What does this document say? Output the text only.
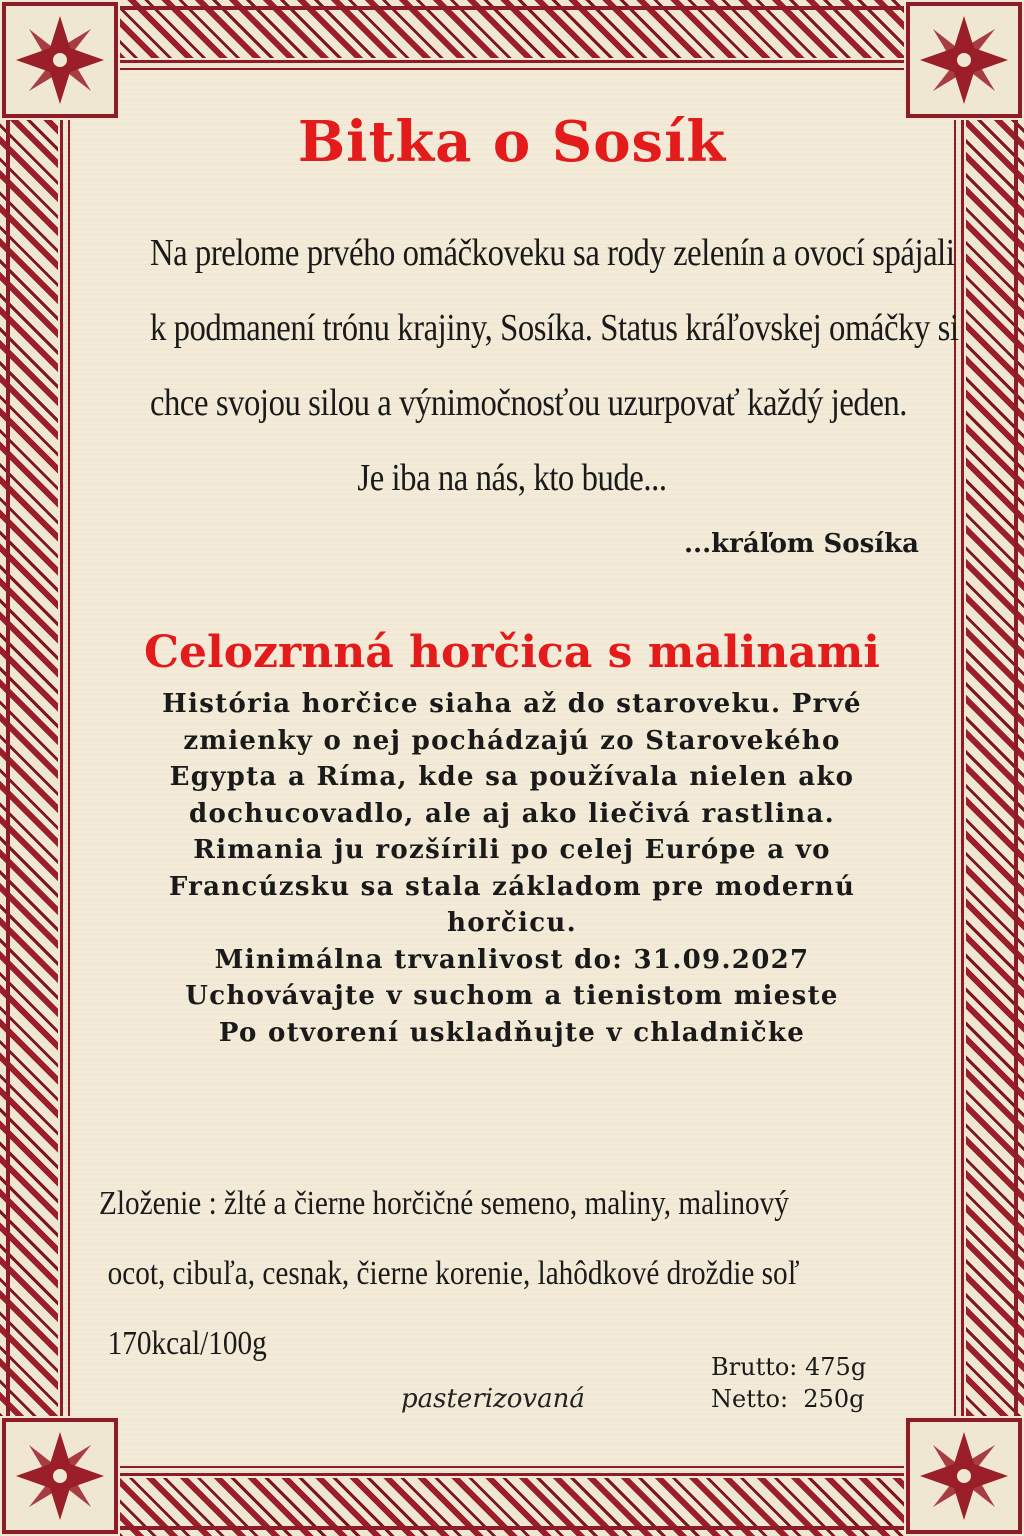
Bitka o Sosík
Na prelome prvého omáčkoveku sa rody zelenín a ovocí spájali
k podmanení trónu krajiny, Sosíka. Status kráľovskej omáčky si
chce svojou silou a výnimočnosťou uzurpovať každý jeden.
Je iba na nás, kto bude...
...kráľom Sosíka
Celozrnná horčica s malinami
História horčice siaha až do staroveku. Prvé
zmienky o nej pochádzajú zo Starovekého
Egypta a Ríma, kde sa používala nielen ako
dochucovadlo, ale aj ako liečivá rastlina.
Rimania ju rozšírili po celej Európe a vo
Francúzsku sa stala základom pre modernú
horčicu.
Minimálna trvanlivost do: 31.09.2027
Uchovávajte v suchom a tienistom mieste
Po otvorení uskladňujte v chladničke
Zloženie : žlté a čierne horčičné semeno, maliny, malinový
ocot, cibuľa, cesnak, čierne korenie, lahôdkové droždie soľ
170kcal/100g
Brutto: 475g
Netto:  250g
pasterizovaná
